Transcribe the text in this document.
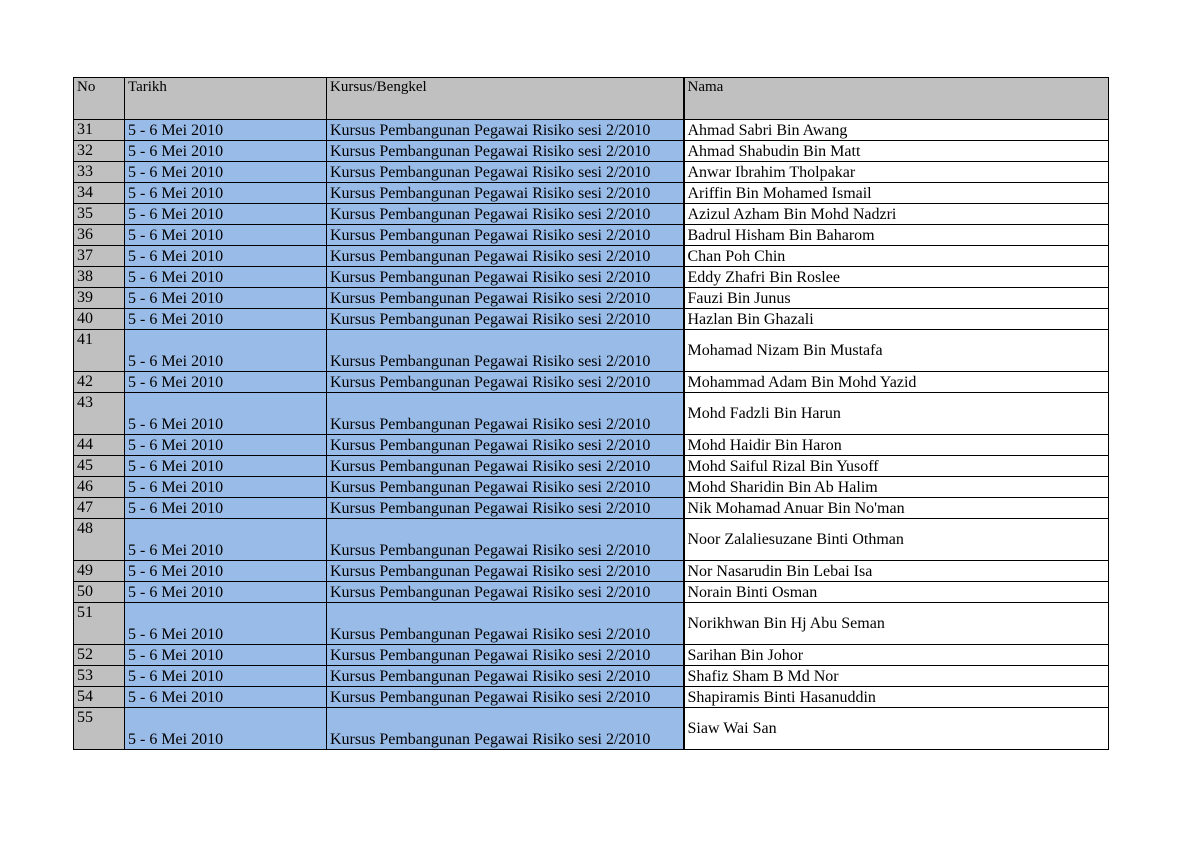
No	Tarikh	Kursus/Bengkel	Nama
31	5 - 6 Mei 2010	Kursus Pembangunan Pegawai Risiko sesi 2/2010	Ahmad Sabri Bin Awang
32	5 - 6 Mei 2010	Kursus Pembangunan Pegawai Risiko sesi 2/2010	Ahmad Shabudin Bin Matt
33	5 - 6 Mei 2010	Kursus Pembangunan Pegawai Risiko sesi 2/2010	Anwar Ibrahim Tholpakar
34	5 - 6 Mei 2010	Kursus Pembangunan Pegawai Risiko sesi 2/2010	Ariffin Bin Mohamed Ismail
35	5 - 6 Mei 2010	Kursus Pembangunan Pegawai Risiko sesi 2/2010	Azizul Azham Bin Mohd Nadzri
36	5 - 6 Mei 2010	Kursus Pembangunan Pegawai Risiko sesi 2/2010	Badrul Hisham Bin Baharom
37	5 - 6 Mei 2010	Kursus Pembangunan Pegawai Risiko sesi 2/2010	Chan Poh Chin
38	5 - 6 Mei 2010	Kursus Pembangunan Pegawai Risiko sesi 2/2010	Eddy Zhafri Bin Roslee
39	5 - 6 Mei 2010	Kursus Pembangunan Pegawai Risiko sesi 2/2010	Fauzi Bin Junus
40	5 - 6 Mei 2010	Kursus Pembangunan Pegawai Risiko sesi 2/2010	Hazlan Bin Ghazali
41	5 - 6 Mei 2010	Kursus Pembangunan Pegawai Risiko sesi 2/2010	Mohamad Nizam Bin Mustafa
42	5 - 6 Mei 2010	Kursus Pembangunan Pegawai Risiko sesi 2/2010	Mohammad Adam Bin Mohd Yazid
43	5 - 6 Mei 2010	Kursus Pembangunan Pegawai Risiko sesi 2/2010	Mohd Fadzli Bin Harun
44	5 - 6 Mei 2010	Kursus Pembangunan Pegawai Risiko sesi 2/2010	Mohd Haidir Bin Haron
45	5 - 6 Mei 2010	Kursus Pembangunan Pegawai Risiko sesi 2/2010	Mohd Saiful Rizal Bin Yusoff
46	5 - 6 Mei 2010	Kursus Pembangunan Pegawai Risiko sesi 2/2010	Mohd Sharidin Bin Ab Halim
47	5 - 6 Mei 2010	Kursus Pembangunan Pegawai Risiko sesi 2/2010	Nik Mohamad Anuar Bin No'man
48	5 - 6 Mei 2010	Kursus Pembangunan Pegawai Risiko sesi 2/2010	Noor Zalaliesuzane Binti Othman
49	5 - 6 Mei 2010	Kursus Pembangunan Pegawai Risiko sesi 2/2010	Nor Nasarudin Bin Lebai Isa
50	5 - 6 Mei 2010	Kursus Pembangunan Pegawai Risiko sesi 2/2010	Norain Binti Osman
51	5 - 6 Mei 2010	Kursus Pembangunan Pegawai Risiko sesi 2/2010	Norikhwan Bin Hj Abu Seman
52	5 - 6 Mei 2010	Kursus Pembangunan Pegawai Risiko sesi 2/2010	Sarihan Bin Johor
53	5 - 6 Mei 2010	Kursus Pembangunan Pegawai Risiko sesi 2/2010	Shafiz Sham B Md Nor
54	5 - 6 Mei 2010	Kursus Pembangunan Pegawai Risiko sesi 2/2010	Shapiramis Binti Hasanuddin
55	5 - 6 Mei 2010	Kursus Pembangunan Pegawai Risiko sesi 2/2010	Siaw Wai San
